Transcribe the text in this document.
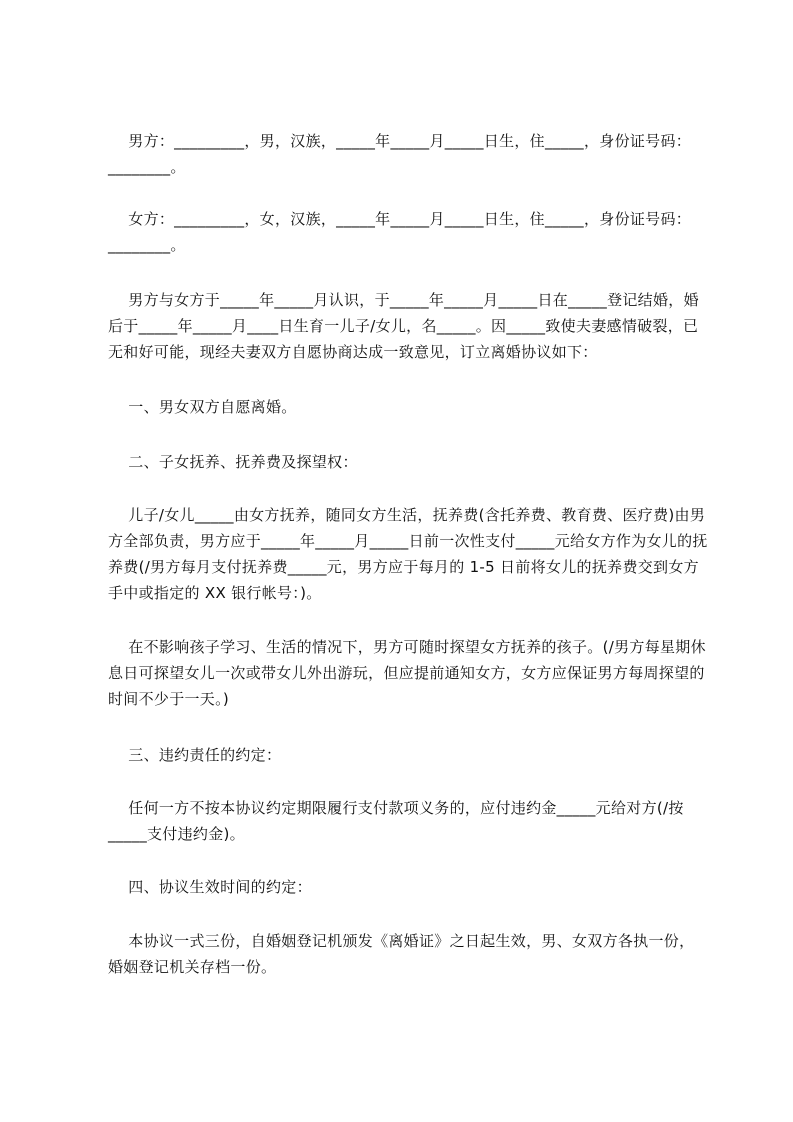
男方：_________，男，汉族，_____年_____月_____日生，住_____，身份证号码：________。
女方：_________，女，汉族，_____年_____月_____日生，住_____，身份证号码：________。
男方与女方于_____年_____月认识，于_____年_____月_____日在_____登记结婚，婚后于_____年_____月____日生育一儿子/女儿，名_____。因_____致使夫妻感情破裂，已无和好可能，现经夫妻双方自愿协商达成一致意见，订立离婚协议如下：
一、男女双方自愿离婚。
二、子女抚养、抚养费及探望权：
儿子/女儿_____由女方抚养，随同女方生活，抚养费(含托养费、教育费、医疗费)由男方全部负责，男方应于_____年_____月_____日前一次性支付_____元给女方作为女儿的抚养费(/男方每月支付抚养费_____元，男方应于每月的 1-5 日前将女儿的抚养费交到女方手中或指定的 XX 银行帐号：)。
在不影响孩子学习、生活的情况下，男方可随时探望女方抚养的孩子。(/男方每星期休息日可探望女儿一次或带女儿外出游玩，但应提前通知女方，女方应保证男方每周探望的时间不少于一天。)
三、违约责任的约定：
任何一方不按本协议约定期限履行支付款项义务的，应付违约金_____元给对方(/按_____支付违约金)。
四、协议生效时间的约定：
本协议一式三份，自婚姻登记机颁发《离婚证》之日起生效，男、女双方各执一份，婚姻登记机关存档一份。
